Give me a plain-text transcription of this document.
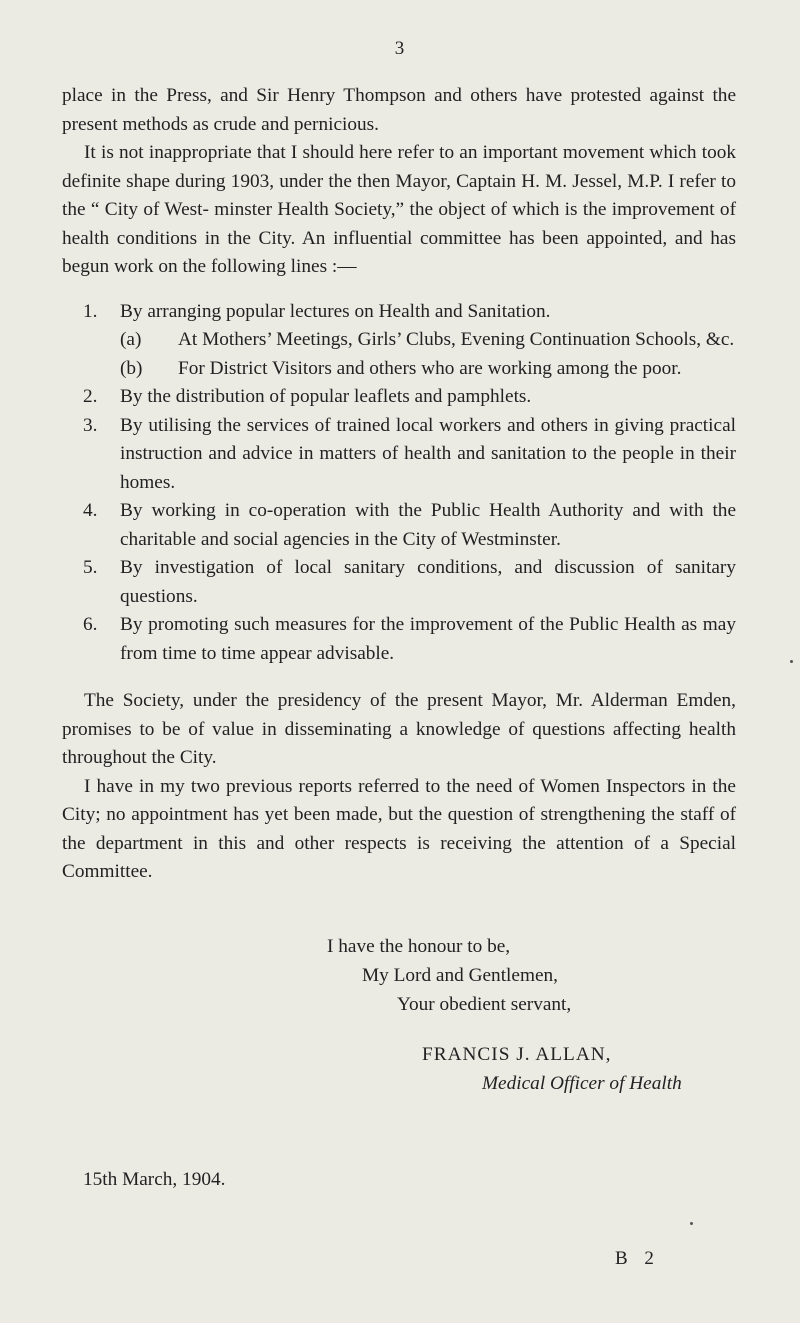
3

place in the Press, and Sir Henry Thompson and others have protested against the present methods as crude and pernicious.

It is not inappropriate that I should here refer to an important movement which took definite shape during 1903, under the then Mayor, Captain H. M. Jessel, M.P. I refer to the “ City of West- minster Health Society,” the object of which is the improvement of health conditions in the City. An influential committee has been appointed, and has begun work on the following lines :—

1. By arranging popular lectures on Health and Sanitation.
(a) At Mothers’ Meetings, Girls’ Clubs, Evening Continuation Schools, &c.
(b) For District Visitors and others who are working among the poor.
2. By the distribution of popular leaflets and pamphlets.
3. By utilising the services of trained local workers and others in giving practical instruction and advice in matters of health and sanitation to the people in their homes.
4. By working in co-operation with the Public Health Authority and with the charitable and social agencies in the City of Westminster.
5. By investigation of local sanitary conditions, and discussion of sanitary questions.
6. By promoting such measures for the improvement of the Public Health as may from time to time appear advisable.

The Society, under the presidency of the present Mayor, Mr. Alderman Emden, promises to be of value in disseminating a knowledge of questions affecting health throughout the City.

I have in my two previous reports referred to the need of Women Inspectors in the City; no appointment has yet been made, but the question of strengthening the staff of the department in this and other respects is receiving the attention of a Special Committee.

I have the honour to be,
My Lord and Gentlemen,
Your obedient servant,
FRANCIS J. ALLAN,
Medical Officer of Health
15th March, 1904.
B 2
